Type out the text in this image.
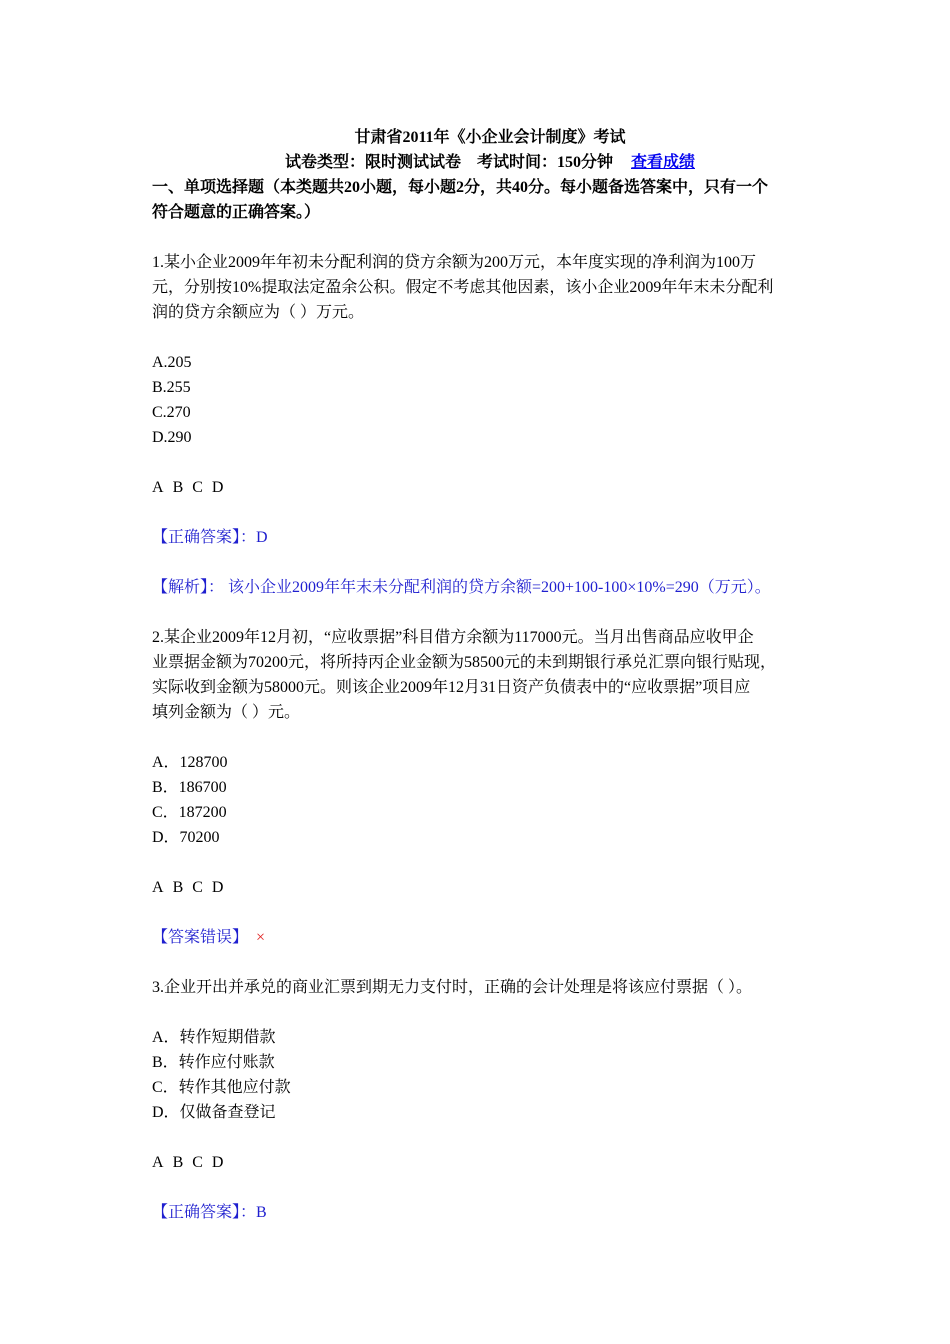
甘肃省2011年《小企业会计制度》考试
试卷类型：限时测试试卷 考试时间：150分钟 查看成绩
一、单项选择题（本类题共20小题，每小题2分，共40分。每小题备选答案中，只有一个
符合题意的正确答案。）
1.某小企业2009年年初未分配利润的贷方余额为200万元，本年度实现的净利润为100万
元，分别按10%提取法定盈余公积。假定不考虑其他因素，该小企业2009年年末未分配利
润的贷方余额应为（ ）万元。
A.205
B.255
C.270
D.290
A B C D
【正确答案】：D
【解析】： 该小企业2009年年末未分配利润的贷方余额=200+100-100×10%=290（万元）。
2.某企业2009年12月初，“应收票据”科目借方余额为117000元。当月出售商品应收甲企
业票据金额为70200元，将所持丙企业金额为58500元的未到期银行承兑汇票向银行贴现，
实际收到金额为58000元。则该企业2009年12月31日资产负债表中的“应收票据”项目应
填列金额为（ ）元。
A．128700
B．186700
C．187200
D．70200
A B C D
【答案错误】 ×
3.企业开出并承兑的商业汇票到期无力支付时，正确的会计处理是将该应付票据（ ）。
A．转作短期借款
B．转作应付账款
C．转作其他应付款
D．仅做备查登记
A B C D
【正确答案】：B
